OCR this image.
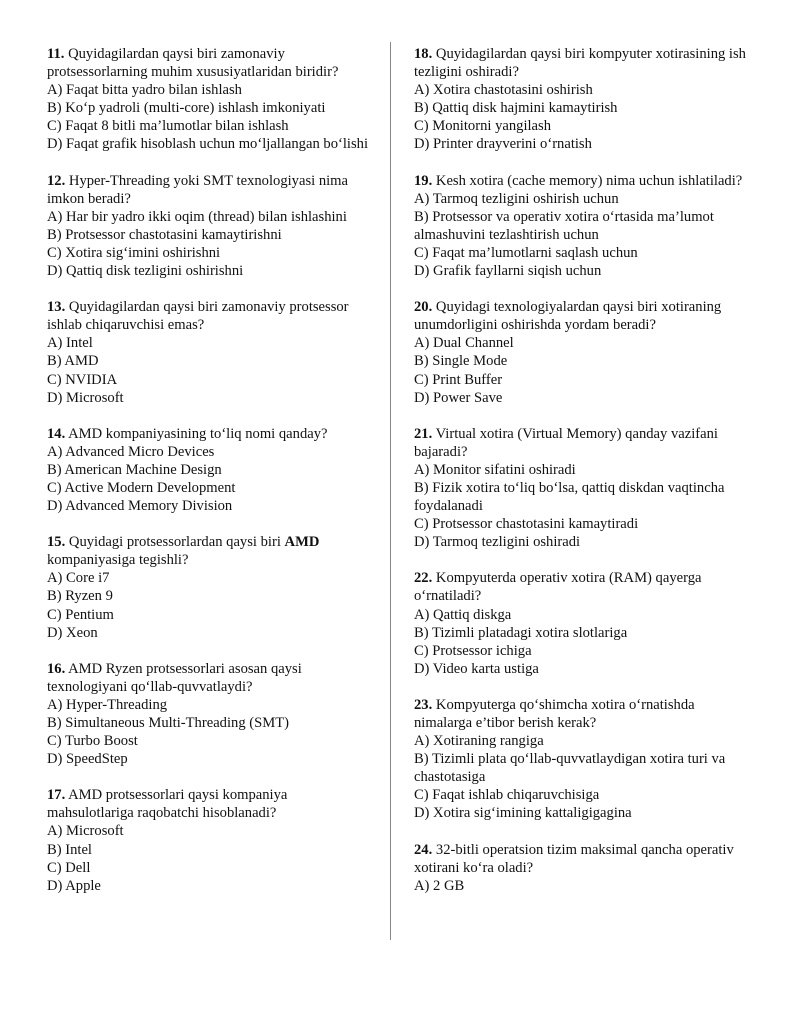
11. Quyidagilardan qaysi biri zamonaviy protsessorlarning muhim xususiyatlaridan biridir?

A) Faqat bitta yadro bilan ishlash

B) Ko‘p yadroli (multi-core) ishlash imkoniyati

C) Faqat 8 bitli ma’lumotlar bilan ishlash

D) Faqat grafik hisoblash uchun mo‘ljallangan bo‘lishi

12. Hyper-Threading yoki SMT texnologiyasi nima imkon beradi?

A) Har bir yadro ikki oqim (thread) bilan ishlashini

B) Protsessor chastotasini kamaytirishni

C) Xotira sig‘imini oshirishni

D) Qattiq disk tezligini oshirishni

13. Quyidagilardan qaysi biri zamonaviy protsessor ishlab chiqaruvchisi emas?

A) Intel

B) AMD

C) NVIDIA

D) Microsoft

14. AMD kompaniyasining to‘liq nomi qanday?

A) Advanced Micro Devices

B) American Machine Design

C) Active Modern Development

D) Advanced Memory Division

15. Quyidagi protsessorlardan qaysi biri AMD kompaniyasiga tegishli?

A) Core i7

B) Ryzen 9

C) Pentium

D) Xeon

16. AMD Ryzen protsessorlari asosan qaysi texnologiyani qo‘llab-quvvatlaydi?

A) Hyper-Threading

B) Simultaneous Multi-Threading (SMT)

C) Turbo Boost

D) SpeedStep

17. AMD protsessorlari qaysi kompaniya mahsulotlariga raqobatchi hisoblanadi?

A) Microsoft

B) Intel

C) Dell

D) Apple

18. Quyidagilardan qaysi biri kompyuter xotirasining ish tezligini oshiradi?

A) Xotira chastotasini oshirish

B) Qattiq disk hajmini kamaytirish

C) Monitorni yangilash

D) Printer drayverini o‘rnatish

19. Kesh xotira (cache memory) nima uchun ishlatiladi?

A) Tarmoq tezligini oshirish uchun

B) Protsessor va operativ xotira o‘rtasida ma’lumot almashuvini tezlashtirish uchun

C) Faqat ma’lumotlarni saqlash uchun

D) Grafik fayllarni siqish uchun

20. Quyidagi texnologiyalardan qaysi biri xotiraning unumdorligini oshirishda yordam beradi?

A) Dual Channel

B) Single Mode

C) Print Buffer

D) Power Save

21. Virtual xotira (Virtual Memory) qanday vazifani bajaradi?

A) Monitor sifatini oshiradi

B) Fizik xotira to‘liq bo‘lsa, qattiq diskdan vaqtincha foydalanadi

C) Protsessor chastotasini kamaytiradi

D) Tarmoq tezligini oshiradi

22. Kompyuterda operativ xotira (RAM) qayerga o‘rnatiladi?

A) Qattiq diskga

B) Tizimli platadagi xotira slotlariga

C) Protsessor ichiga

D) Video karta ustiga

23. Kompyuterga qo‘shimcha xotira o‘rnatishda nimalarga e’tibor berish kerak?

A) Xotiraning rangiga

B) Tizimli plata qo‘llab-quvvatlaydigan xotira turi va chastotasiga

C) Faqat ishlab chiqaruvchisiga

D) Xotira sig‘imining kattaligigagina

24. 32-bitli operatsion tizim maksimal qancha operativ xotirani ko‘ra oladi?

A) 2 GB
